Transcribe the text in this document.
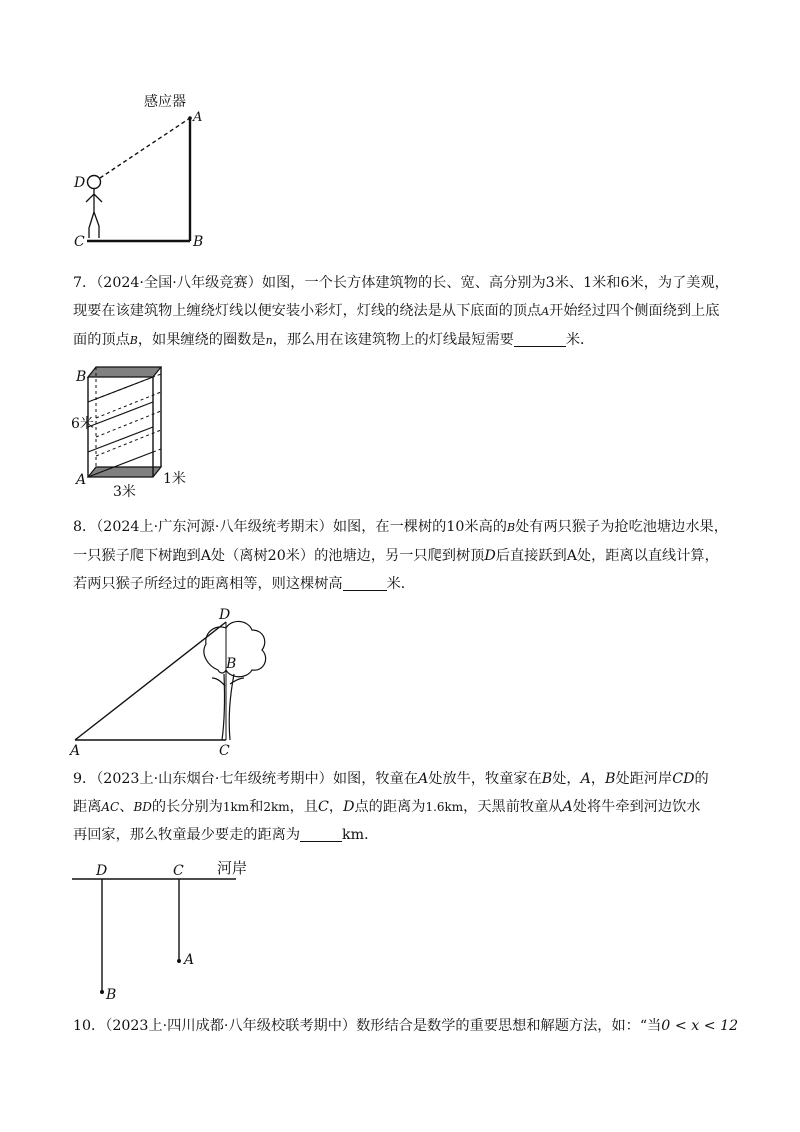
感应器
A
D
C	B
7．（2024·全国·八年级竞赛）如图，一个长方体建筑物的长、宽、高分别为3米、1米和6米，为了美观，
现要在该建筑物上缠绕灯线以便安装小彩灯，灯线的绕法是从下底面的顶点A开始经过四个侧面绕到上底
面的顶点B，如果缠绕的圈数是n，那么用在该建筑物上的灯线最短需要	米．
B
A
6米
3米
1米
8．（2024上·广东河源·八年级统考期末）如图，在一棵树的10米高的B处有两只猴子为抢吃池塘边水果，
一只猴子爬下树跑到A处（离树20米）的池塘边，另一只爬到树顶D后直接跃到A处，距离以直线计算，
若两只猴子所经过的距离相等，则这棵树高	米．
D
B
A	C
9．（2023上·山东烟台·七年级统考期中）如图，牧童在A处放牛，牧童家在B处，A，B处距河岸CD的
距离AC、BD的长分别为1km和2km，且C，D点的距离为1.6km，天黑前牧童从A处将牛牵到河边饮水
再回家，那么牧童最少要走的距离为	km．
D	C 河岸
A
B
10．（2023上·四川成都·八年级校联考期中）数形结合是数学的重要思想和解题方法，如：“当0 < x < 12
